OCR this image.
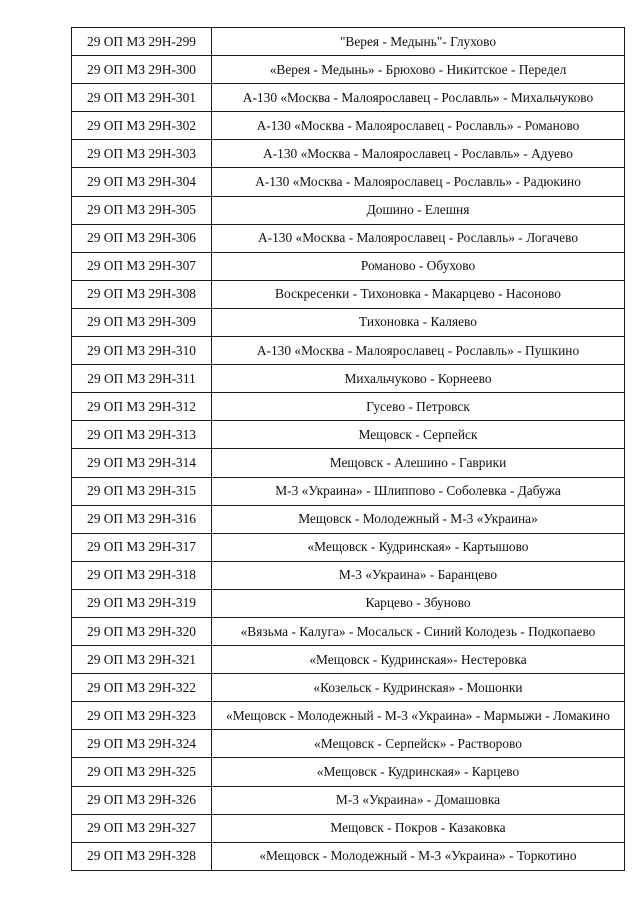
29 ОП МЗ 29Н-299	"Верея - Медынь"- Глухово
29 ОП МЗ 29Н-300	«Верея - Медынь» - Брюхово - Никитское - Передел
29 ОП МЗ 29Н-301	А-130 «Москва - Малоярославец - Рославль» - Михальчуково
29 ОП МЗ 29Н-302	А-130 «Москва - Малоярославец - Рославль» - Романово
29 ОП МЗ 29Н-303	А-130 «Москва - Малоярославец - Рославль» - Адуево
29 ОП МЗ 29Н-304	А-130 «Москва - Малоярославец - Рославль» - Радюкино
29 ОП МЗ 29Н-305	Дошино - Елешня
29 ОП МЗ 29Н-306	А-130 «Москва - Малоярославец - Рославль» - Логачево
29 ОП МЗ 29Н-307	Романово - Обухово
29 ОП МЗ 29Н-308	Воскресенки - Тихоновка - Макарцево - Насоново
29 ОП МЗ 29Н-309	Тихоновка - Каляево
29 ОП МЗ 29Н-310	А-130 «Москва - Малоярославец - Рославль» - Пушкино
29 ОП МЗ 29Н-311	Михальчуково - Корнеево
29 ОП МЗ 29Н-312	Гусево - Петровск
29 ОП МЗ 29Н-313	Мещовск - Серпейск
29 ОП МЗ 29Н-314	Мещовск - Алешино - Гаврики
29 ОП МЗ 29Н-315	М-3 «Украина» - Шлиппово - Соболевка - Дабужа
29 ОП МЗ 29Н-316	Мещовск - Молодежный - М-3 «Украина»
29 ОП МЗ 29Н-317	«Мещовск - Кудринская» - Картышово
29 ОП МЗ 29Н-318	М-3 «Украина» - Баранцево
29 ОП МЗ 29Н-319	Карцево - Збуново
29 ОП МЗ 29Н-320	«Вязьма - Калуга» - Мосальск - Синий Колодезь - Подкопаево
29 ОП МЗ 29Н-321	«Мещовск - Кудринская»- Нестеровка
29 ОП МЗ 29Н-322	«Козельск - Кудринская» - Мошонки
29 ОП МЗ 29Н-323	«Мещовск - Молодежный - М-3 «Украина» - Мармыжи - Ломакино
29 ОП МЗ 29Н-324	«Мещовск - Серпейск» - Растворово
29 ОП МЗ 29Н-325	«Мещовск - Кудринская» - Карцево
29 ОП МЗ 29Н-326	М-3 «Украина» - Домашовка
29 ОП МЗ 29Н-327	Мещовск - Покров - Казаковка
29 ОП МЗ 29Н-328	«Мещовск - Молодежный - М-3 «Украина» - Торкотино
